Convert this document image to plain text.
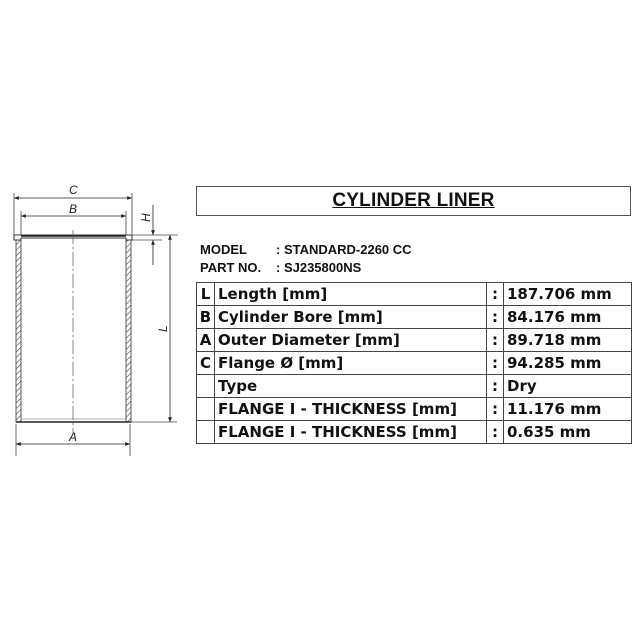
C
B
A
H
L
CYLINDER LINER
MODEL : STANDARD-2260 CC
PART NO. : SJ235800NS
L	Length [mm]	:	187.706 mm
B	Cylinder Bore [mm]	:	84.176 mm
A	Outer Diameter [mm]	:	89.718 mm
C	Flange Ø [mm]	:	94.285 mm
	Type	:	Dry
	FLANGE I - THICKNESS [mm]	:	11.176 mm
	FLANGE I - THICKNESS [mm]	:	0.635 mm
